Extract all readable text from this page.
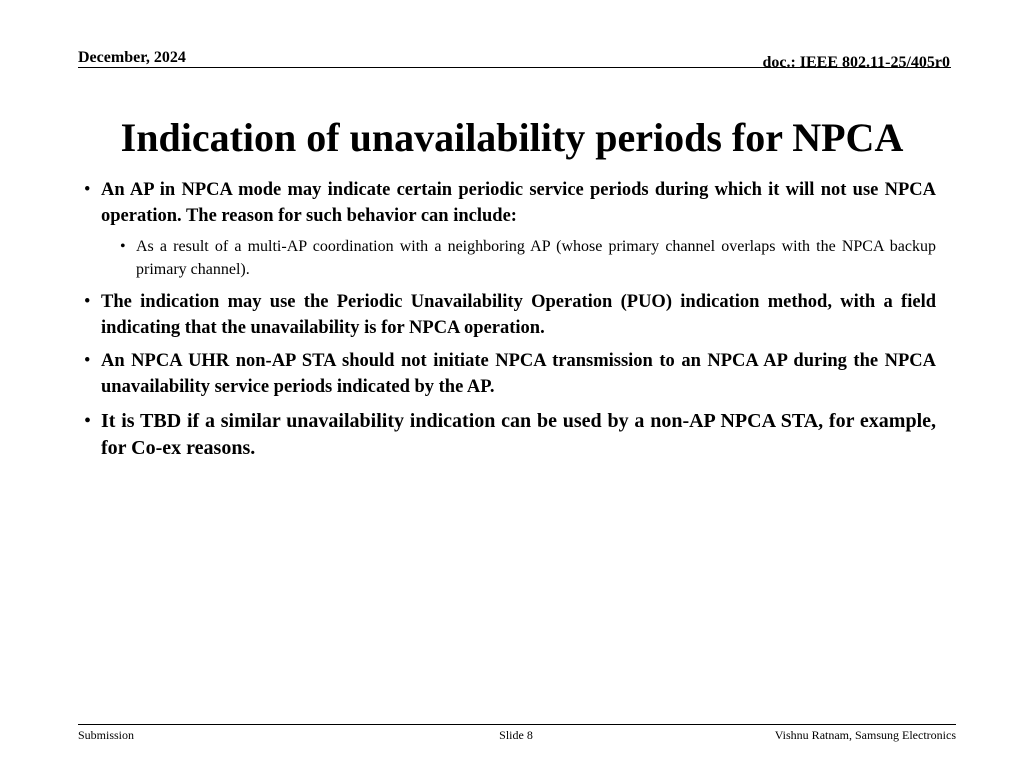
December, 2024	doc.: IEEE 802.11-25/405r0
Indication of unavailability periods for NPCA

• An AP in NPCA mode may indicate certain periodic service periods during which it will not use NPCA operation. The reason for such behavior can include:

• As a result of a multi-AP coordination with a neighboring AP (whose primary channel overlaps with the NPCA backup primary channel).

• The indication may use the Periodic Unavailability Operation (PUO) indication method, with a field indicating that the unavailability is for NPCA operation.

• An NPCA UHR non-AP STA should not initiate NPCA transmission to an NPCA AP during the NPCA unavailability service periods indicated by the AP.

• It is TBD if a similar unavailability indication can be used by a non-AP NPCA STA, for example, for Co-ex reasons.

Submission	Slide 8	Vishnu Ratnam, Samsung Electronics
